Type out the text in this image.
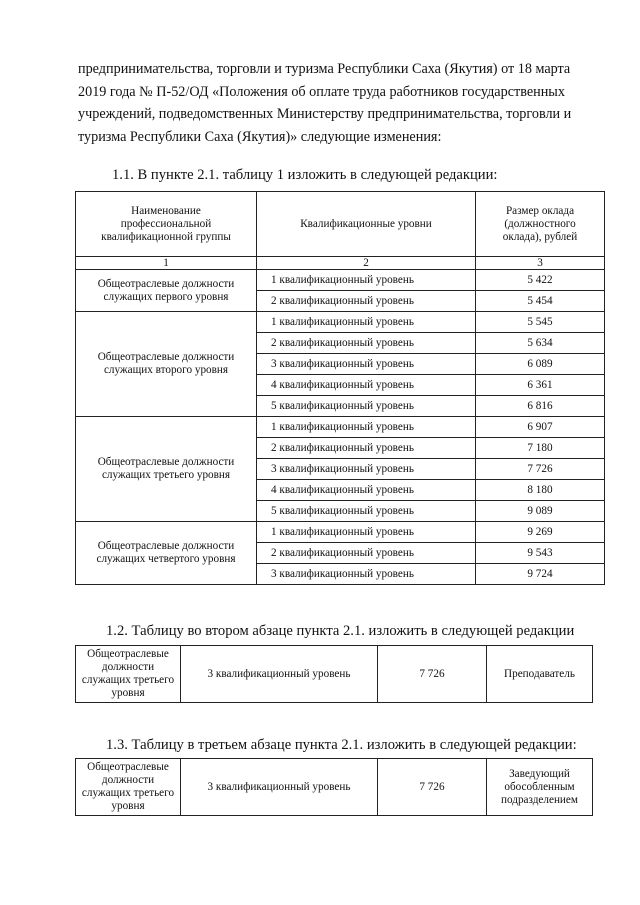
предпринимательства, торговли и туризма Республики Саха (Якутия) от 18 марта
2019 года № П-52/ОД «Положения об оплате труда работников государственных
учреждений, подведомственных Министерству предпринимательства, торговли и
туризма Республики Саха (Якутия)» следующие изменения:
1.1. В пункте 2.1. таблицу 1 изложить в следующей редакции:
Наименование профессиональной квалификационной группы	Квалификационные уровни	Размер оклада (должностного оклада), рублей
1	2	3
Общеотраслевые должности служащих первого уровня	1 квалификационный уровень	5 422
	2 квалификационный уровень	5 454
Общеотраслевые должности служащих второго уровня	1 квалификационный уровень	5 545
	2 квалификационный уровень	5 634
	3 квалификационный уровень	6 089
	4 квалификационный уровень	6 361
	5 квалификационный уровень	6 816
Общеотраслевые должности служащих третьего уровня	1 квалификационный уровень	6 907
	2 квалификационный уровень	7 180
	3 квалификационный уровень	7 726
	4 квалификационный уровень	8 180
	5 квалификационный уровень	9 089
Общеотраслевые должности служащих четвертого уровня	1 квалификационный уровень	9 269
	2 квалификационный уровень	9 543
	3 квалификационный уровень	9 724
1.2. Таблицу во втором абзаце пункта 2.1. изложить в следующей редакции
Общеотраслевые должности служащих третьего уровня	3 квалификационный уровень	7 726	Преподаватель
1.3. Таблицу в третьем абзаце пункта 2.1. изложить в следующей редакции:
Общеотраслевые должности служащих третьего уровня	3 квалификационный уровень	7 726	Заведующий обособленным подразделением
